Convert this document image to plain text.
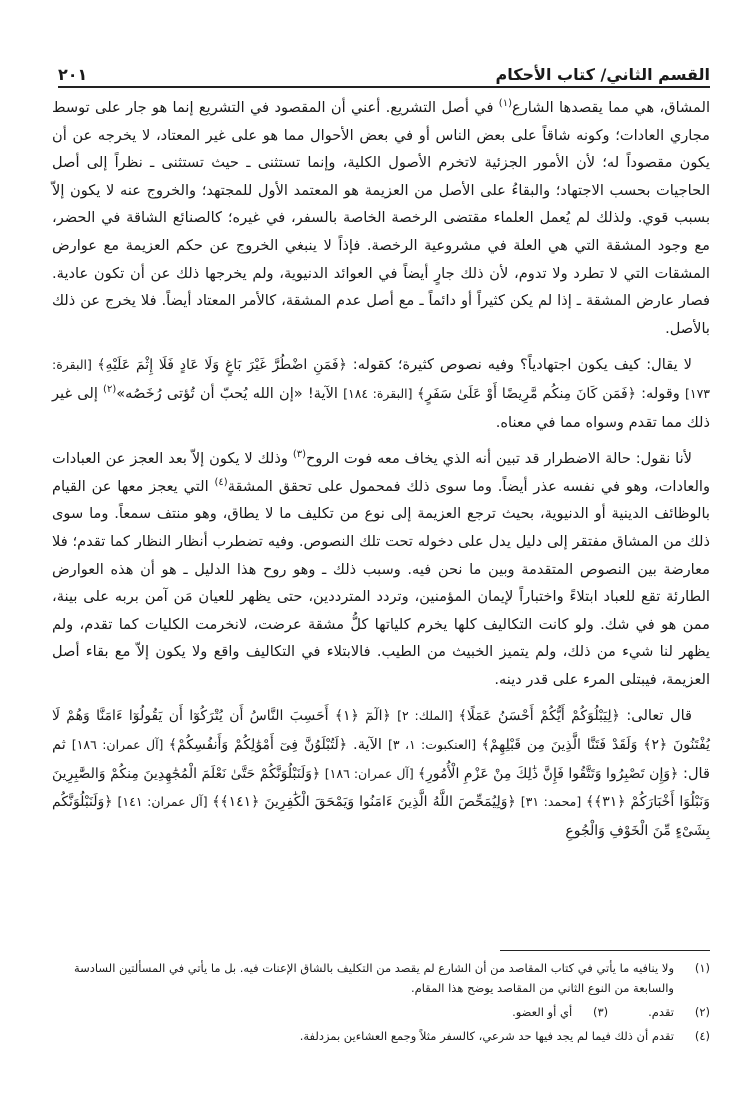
القسم الثاني/ كتاب الأحكام
٢٠١

المشاق، هي مما يقصدها الشارع$^{(١)}$ في أصل التشريع. أعني أن المقصود في التشريع إنما هو جار على توسط مجاري العادات؛ وكونه شاقاً على بعض الناس أو في بعض الأحوال مما هو على غير المعتاد، لا يخرجه عن أن يكون مقصوداً له؛ لأن الأمور الجزئية لاتخرم الأصول الكلية، وإنما تستثنى ـ حيث تستثنى ـ نظراً إلى أصل الحاجيات بحسب الاجتهاد؛ والبقاءُ على الأصل من العزيمة هو المعتمد الأول للمجتهد؛ والخروج عنه لا يكون إلاّ بسبب قوي. ولذلك لم يُعمل العلماء مقتضى الرخصة الخاصة بالسفر، في غيره؛ كالصنائع الشاقة في الحضر، مع وجود المشقة التي هي العلة في مشروعية الرخصة. فإذاً لا ينبغي الخروج عن حكم العزيمة مع عوارض المشقات التي لا تطرد ولا تدوم، لأن ذلك جارٍ أيضاً في العوائد الدنيوية، ولم يخرجها ذلك عن أن تكون عادية. فصار عارض المشقة ـ إذا لم يكن كثيراً أو دائماً ـ مع أصل عدم المشقة، كالأمر المعتاد أيضاً. فلا يخرج عن ذلك بالأصل.

لا يقال: كيف يكون اجتهادياً؟ وفيه نصوص كثيرة؛ كقوله: ﴿فَمَنِ اضْطُرَّ غَيْرَ بَاغٍ وَلَا عَادٍ فَلَا إِثْمَ عَلَيْهِ﴾ [البقرة: ١٧٣] وقوله: ﴿فَمَن كَانَ مِنكُم مَّرِيضًا أَوْ عَلَىٰ سَفَرٍ﴾ [البقرة: ١٨٤] الآية! «إن الله يُحبّ أن تُؤتى رُخَصُه»$^{(٢)}$ إلى غير ذلك مما تقدم وسواه مما في معناه.

لأنا نقول: حالة الاضطرار قد تبين أنه الذي يخاف معه فوت الروح$^{(٣)}$ وذلك لا يكون إلاّ بعد العجز عن العبادات والعادات، وهو في نفسه عذر أيضاً. وما سوى ذلك فمحمول على تحقق المشقة$^{(٤)}$ التي يعجز معها عن القيام بالوظائف الدينية أو الدنيوية، بحيث ترجع العزيمة إلى نوع من تكليف ما لا يطاق، وهو منتف سمعاً. وما سوى ذلك من المشاق مفتقر إلى دليل يدل على دخوله تحت تلك النصوص. وفيه تضطرب أنظار النظار كما تقدم؛ فلا معارضة بين النصوص المتقدمة وبين ما نحن فيه. وسبب ذلك ـ وهو روح هذا الدليل ـ هو أن هذه العوارض الطارئة تقع للعباد ابتلاءً واختباراً لإيمان المؤمنين، وتردد المترددين، حتى يظهر للعيان مَن آمن بربه على بينة، ممن هو في شك. ولو كانت التكاليف كلها يخرم كلياتها كلُّ مشقة عرضت، لانخرمت الكليات كما تقدم، ولم يظهر لنا شيء من ذلك، ولم يتميز الخبيث من الطيب. فالابتلاء في التكاليف واقع ولا يكون إلاّ مع بقاء أصل العزيمة، فيبتلى المرء على قدر دينه.

قال تعالى: ﴿لِيَبْلُوَكُمْ أَيُّكُمْ أَحْسَنُ عَمَلًا﴾ [الملك: ٢] ﴿الٓمٓ ﴿١﴾ أَحَسِبَ النَّاسُ أَن يُتْرَكُوٓا أَن يَقُولُوٓا ءَامَنَّا وَهُمْ لَا يُفْتَنُونَ ﴿٢﴾ وَلَقَدْ فَتَنَّا الَّذِينَ مِن قَبْلِهِمْ﴾ [العنكبوت: ١، ٣] الآية. ﴿لَتُبْلَوُنَّ فِىٓ أَمْوَٰلِكُمْ وَأَنفُسِكُمْ﴾ [آل عمران: ١٨٦] ثم قال: ﴿وَإِن تَصْبِرُوا وَتَتَّقُوا فَإِنَّ ذَٰلِكَ مِنْ عَزْمِ الْأُمُورِ﴾ [آل عمران: ١٨٦] ﴿وَلَنَبْلُوَنَّكُمْ حَتَّىٰ نَعْلَمَ الْمُجَٰهِدِينَ مِنكُمْ وَالصَّٰبِرِينَ وَنَبْلُوَا أَخْبَارَكُمْ ﴿٣١﴾﴾ [محمد: ٣١] ﴿وَلِيُمَحِّصَ اللَّهُ الَّذِينَ ءَامَنُوا وَيَمْحَقَ الْكَٰفِرِينَ ﴿١٤١﴾﴾ [آل عمران: ١٤١] ﴿وَلَنَبْلُوَنَّكُم بِشَىْءٍ مِّنَ الْخَوْفِ وَالْجُوعِ

(١)
ولا ينافيه ما يأتي في كتاب المقاصد من أن الشارع لم يقصد من التكليف بالشاق الإعنات فيه. بل ما يأتي في المسألتين السادسة والسابعة من النوع الثاني من المقاصد يوضح هذا المقام.
(٢)
تقدم.
(٣)
أي أو العضو.
(٤)
تقدم أن ذلك فيما لم يجد فيها حد شرعي، كالسفر مثلاً وجمع العشاءين بمزدلفة.
